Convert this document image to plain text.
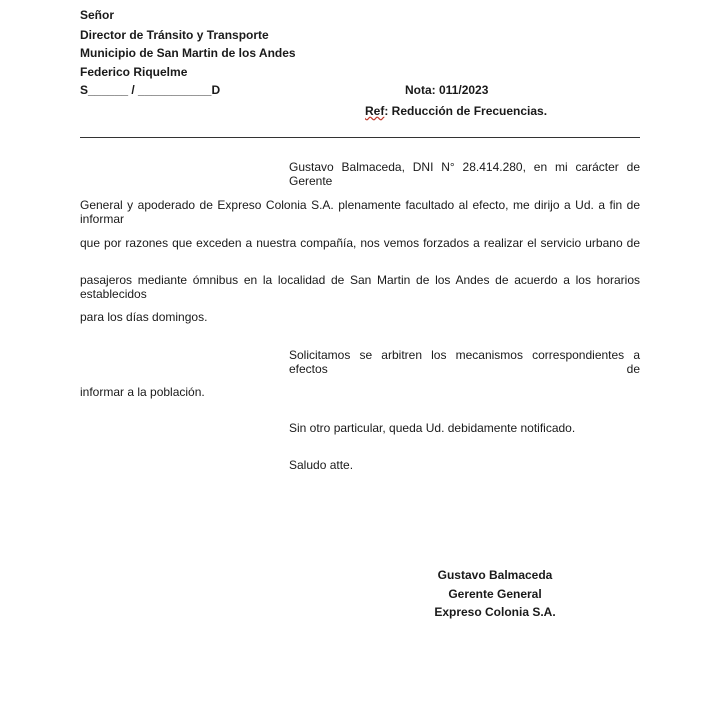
Señor
Director de Tránsito y Transporte
Municipio de San Martin de los Andes
Federico Riquelme
S______ / ___________D	Nota: 011/2023
Ref: Reducción de Frecuencias.
Gustavo Balmaceda, DNI N° 28.414.280, en mi carácter de Gerente
General y apoderado de Expreso Colonia S.A. plenamente facultado al efecto, me dirijo a Ud. a fin de informar
que por razones que exceden a nuestra compañía, nos vemos forzados a realizar el servicio urbano de
pasajeros mediante ómnibus en la localidad de San Martin de los Andes de acuerdo a los horarios establecidos
para los días domingos.
Solicitamos se arbitren los mecanismos correspondientes a efectos de
informar a la población.
Sin otro particular, queda Ud. debidamente notificado.
Saludo atte.
Gustavo Balmaceda
Gerente General
Expreso Colonia S.A.
